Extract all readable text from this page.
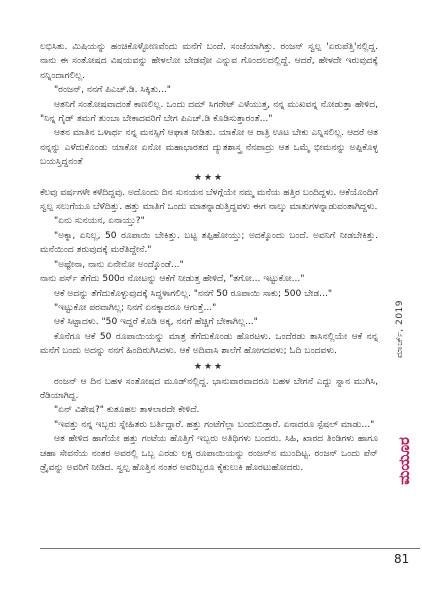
ಲಭಿಸಿತು. ಮಿಷಿಯನ್ನು ಹಂಚಿಕೊಳ್ಳೋಣವೆಂದು ಮನೆಗೆ ಬಂದೆ. ಸಂಜೆಯಾಗಿತ್ತು. ರಂಜನ್ ಸ್ವಲ್ಪ 'ಏರುಪೆತ್ತಿ'ನಲ್ಲಿದ್ದ. ನಾನು ಈ ಸಂತೋಷದ ವಿಷಯವನ್ನು ಹೇಳಲೋ ಬೇಡವೋ ಎನ್ನುವ ಗೊಂದಲದಲ್ಲಿದ್ದೆ. ಆದರೆ, ಹೇಳದೇ ಇರುವುದಕ್ಕೆ ನನ್ನಿಂದಾಗಲಿಲ್ಲ.

"ರಂಜನ್, ನನಗೆ ಪಿಎಚ್.ಡಿ. ಸಿಕ್ಕಿತು..."

ಆತನಿಗೆ ಸಂತೋಷವಾದಂತೆ ಕಾಣಲಿಲ್ಲ. ಒಂದು ದಮ್ ಸಿಗರೇಟ್ ಎಳೆಯುತ್ತ, ನನ್ನ ಮುಖವನ್ನ ನೋಡುತ್ತಾ ಹೇಳಿದ, "ನಿನ್ನ ಗೈಡ್ ತಮಗೆ ತುಂಬಾ ಬೇಕಾದವರಿಗೆ ಬೇಗ ಪಿಎಚ್.ಡಿ ಕೊಡಿಸುತ್ತಾರಂತೆ..."

ಆತನ ಮಾತಿನ ಒಳಾರ್ಥ ನನ್ನ ಮನಸ್ಸಿಗೆ ಆಘಾತ ನೀಡಿತು. ಯಾಕೋ ಆ ರಾತ್ರಿ ಊಟ ಬೇಕು ಎನ್ನಿಸಲಿಲ್ಲ. ಆದರೆ ಆತ ನನ್ನನ್ನು ಎಳೆದುಕೊಂಡು ಯಾಕೋ ಏನೋ ಮಹಾಭಾರತದ ದ್ಯುತಶಾಸ್ತ್ರ ನೆನಪಾದ್ರು ಆತ ಒಮ್ಮೆ ಭೀಮನನ್ನು ಅಪ್ಪಿಕೊಳ್ಳ ಬಯಸ್ತಿದ್ದನಂತೆ

★★★

ಕೆಲವು ವರ್ಷಗಳೇ ಕಳೆದಿದ್ದವು. ಅದೊಂದು ದಿನ ಸುನಯನ ಬೆಳಗ್ಗೆಯೇ ನಮ್ಮ ಮನೆಯ ಹತ್ತಿರ ಬಂದಿದ್ದಳು. ಆಕೆಯೊಂದಿಗೆ ಸ್ವಲ್ಪ ಸಲುಗೆಯೂ ಬೆಳೆದಿತ್ತು. ಹತ್ತು ಮಾತಿಗೆ ಒಂದು ಮಾತನ್ನಾಡುತ್ತಿದ್ದವಳು ಈಗ ನಾಲ್ಕು ಮಾತುಗಳನ್ನಾಡುವಂತಾಗಿದ್ದಳು.

"ಏನು ಸುನಯನ, ಏನಾಯ್ತು?"

"ಅಕ್ಕಾ, ಏನಿಲ್ಲ, 50 ರೂಪಾಯಿ ಬೇಕಿತ್ತು. ಬಟ್ಟ ತಪ್ಪಿಹೋಯ್ತು; ಅದಕ್ಕೊಂದು ಬಂದೆ. ಅವನಿಗೆ ನೀಡಬೇಕಿತ್ತು. ಮನೆಯಿಂದ ತರುವುದಕ್ಕೆ ಮರೆತಿದ್ದೇನೆ."

"ಅಷ್ಟೇನಾ, ನಾನು ಏನೇನೋ ಅಂದ್ಕೊಂಡೆ..."

ನಾನು ಪರ್ಸ್ ತೆಗೆದು 500ರ ನೋಟನ್ನು ಆಕೆಗೆ ನೀಡುತ್ತ ಹೇಳಿದೆ, "ತಗೋ... ಇಟ್ಟುಕೋ..."

ಆಕೆ ಅದನ್ನು ತೆಗೆದುಕೊಳ್ಳುವುದಕ್ಕೆ ಸಿದ್ಧಳಾಗಲಿಲ್ಲ. "ನನಗೆ 50 ರೂಪಾಯಿ ಸಾಕು; 500 ಬೇಡ..."

"ಇಟ್ಟುಕೋ ಪರವಾಗಿಲ್ಲ; ನಿನಗೆ ಏನಕ್ಕಾದರೂ ಆಗುತ್ತೆ..."

ಆಕೆ ಸಿಟ್ಟಾದಳು. "50 ಇದ್ದರೆ ಕೊಡಿ ಅಕ್ಕ, ನನಗೆ ಹೆಚ್ಚಿಗೆ ಬೇಕಾಗಿಲ್ಲ..."

ಕೊನೆಗೂ ಆಕೆ 50 ರೂಪಾಯಿಯನ್ನು ಮಾತ್ರ ತೆಗೆದುಕೊಂಡು ಹೊರಟಳು. ಒಂದೆರಡು ತಾಸಿನಲ್ಲಿಯೇ ಆಕೆ ನನ್ನ ಮನೆಗೆ ಬಂದು ಅದನ್ನು ನನಗೆ ಹಿಂದಿರುಗಿಸಿದಳು. ಆಕೆ ಅದಿವಾಸಿ ಶಾಲೆಗೆ ಹೋಗದವಳು; ಓದಿ ಬಂದವಳು.

★★★

ರಂಜನ್ ಆ ದಿನ ಬಹಳ ಸಂತೋಷದ ಮೂಡ್‌ನಲ್ಲಿದ್ದ. ಭಾನುವಾರವಾದರೂ ಬಹಳ ಬೇಗನೆ ಎದ್ದು ಸ್ನಾನ ಮುಗಿಸಿ, ರೆಡಿಯಾಗಿದ್ದ.

"ಏನ್ ವಿಶೇಷ?" ಕುತೂಹಲ ತಾಳಲಾರದೇ ಕೇಳಿದೆ.

"ಇವತ್ತು ನನ್ನ ಇಬ್ಬರು ಸ್ನೇಹಿತರು ಬರ್ತಿದ್ದಾರೆ. ಹತ್ತು ಗಂಟೆಗೆಲ್ಲಾ ಬಂದುಬಿಡ್ತಾರೆ. ಏನಾದರೂ ಸ್ಪೆಷಲ್ ಮಾಡು..."

ಆತ ಹೇಳಿದ ಹಾಗೆಯೇ ಹತ್ತು ಗಂಟೆಯ ಹೊತ್ತಿಗೆ ಇಬ್ಬರು ಅತಿಥಿಗಳು ಬಂದರು. ಸಿಹಿ, ಖಾರದ ತಿಂಡಿಗಳು ಹಾಗೂ ಚಹಾ ಸೇವನೆಯ ನಂತರ ಅವರಲ್ಲಿ ಒಬ್ಬ ಎರಡು ಲಕ್ಷ ರೂಪಾಯಿಯನ್ನು ರಂಜನ್‌ನ ಮುಂದಿಟ್ಟ. ರಂಜನ್ ಒಂದು ಪೆನ್ ಡ್ರೈವನ್ನು ಅವರಿಗೆ ನೀಡಿದ. ಸ್ವಲ್ಪ ಹೊತ್ತಿನ ನಂತರ ಅವರಿಬ್ಬರೂ ಕೈಕುಲುಕಿ ಹೊರಟುಹೋದರು.

ಮಾರ್ಚ್, 2019
ಮಯೂರ
81
